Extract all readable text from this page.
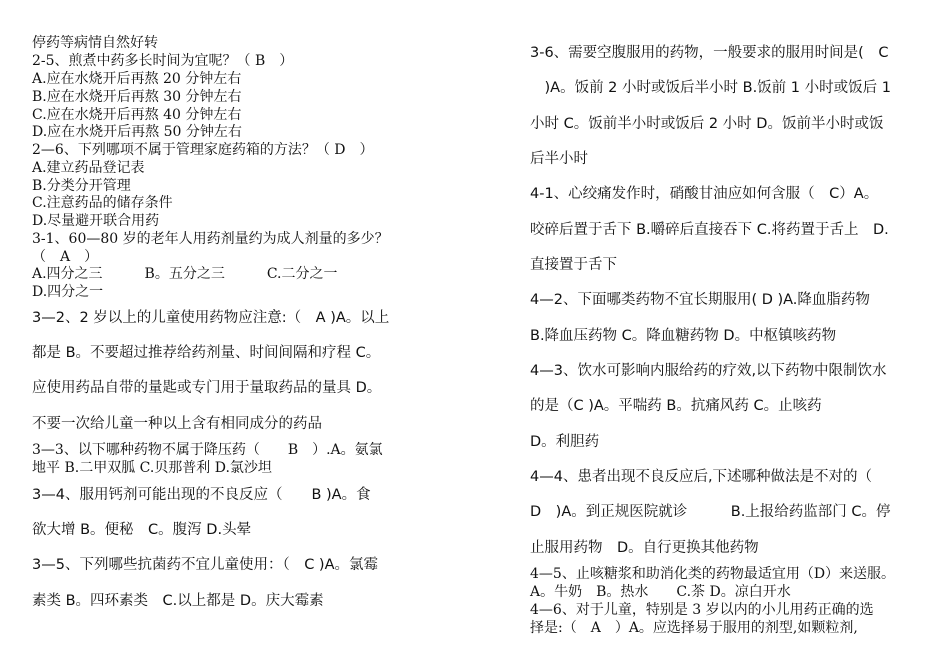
停药等病情自然好转
2-5、煎煮中药多长时间为宜呢？（ B　）
A.应在水烧开后再熬 20 分钟左右
B.应在水烧开后再熬 30 分钟左右
C.应在水烧开后再熬 40 分钟左右
D.应在水烧开后再熬 50 分钟左右
2—6、下列哪项不属于管理家庭药箱的方法？（ D　）
A.建立药品登记表
B.分类分开管理
C.注意药品的储存条件
D.尽量避开联合用药
3-1、60—80 岁的老年人用药剂量约为成人剂量的多少？
（　A　）
A.四分之三　　　B。五分之三　　　C.二分之一
D.四分之一
3—2、2 岁以上的儿童使用药物应注意:（　A )A。以上
都是 B。不要超过推荐给药剂量、时间间隔和疗程 C。
应使用药品自带的量匙或专门用于量取药品的量具 D。
不要一次给儿童一种以上含有相同成分的药品
3—3、以下哪种药物不属于降压药（　　B　）.A。氨氯
地平 B.二甲双胍 C.贝那普利 D.氯沙坦
3—4、服用钙剂可能出现的不良反应（　　B )A。食
欲大增 B。便秘　C。腹泻 D.头晕
3—5、下列哪些抗菌药不宜儿童使用：（　C )A。氯霉
素类 B。四环素类　C.以上都是 D。庆大霉素
3-6、需要空腹服用的药物，一般要求的服用时间是(　C
　)A。饭前 2 小时或饭后半小时 B.饭前 1 小时或饭后 1
小时 C。饭前半小时或饭后 2 小时 D。饭前半小时或饭
后半小时
4-1、心绞痛发作时，硝酸甘油应如何含服（　C）A。
咬碎后置于舌下 B.嚼碎后直接吞下 C.将药置于舌上　D.
直接置于舌下
4—2、下面哪类药物不宜长期服用( D )A.降血脂药物
B.降血压药物 C。降血糖药物 D。中枢镇咳药物
4—3、饮水可影响内服给药的疗效,以下药物中限制饮水
的是（C )A。平喘药 B。抗痛风药 C。止咳药
D。利胆药
4—4、患者出现不良反应后,下述哪种做法是不对的（
D　)A。到正规医院就诊　　　B.上报给药监部门 C。停
止服用药物　D。自行更换其他药物
4—5、止咳糖浆和助消化类的药物最适宜用（D）来送服。
A。牛奶　B。热水　　C.茶 D。凉白开水
4—6、对于儿童，特别是 3 岁以内的小儿用药正确的选
择是:（　A　）A。应选择易于服用的剂型,如颗粒剂,
